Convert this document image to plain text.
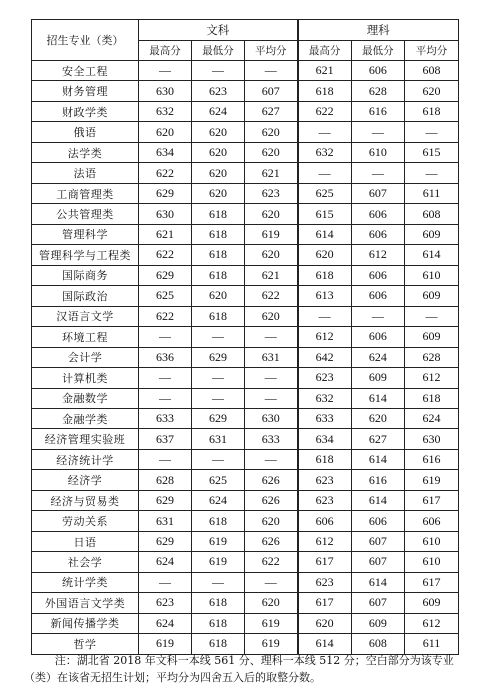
招生专业（类）	文科			理科		
	最高分	最低分	平均分	最高分	最低分	平均分
安全工程	—	—	—	621	606	608
财务管理	630	623	607	618	628	620
财政学类	632	624	627	622	616	618
俄语	620	620	620	—	—	—
法学类	634	620	620	632	610	615
法语	622	620	621	—	—	—
工商管理类	629	620	623	625	607	611
公共管理类	630	618	620	615	606	608
管理科学	621	618	619	614	606	609
管理科学与工程类	622	618	620	620	612	614
国际商务	629	618	621	618	606	610
国际政治	625	620	622	613	606	609
汉语言文学	622	618	620	—	—	—
环境工程	—	—	—	612	606	609
会计学	636	629	631	642	624	628
计算机类	—	—	—	623	609	612
金融数学	—	—	—	632	614	618
金融学类	633	629	630	633	620	624
经济管理实验班	637	631	633	634	627	630
经济统计学	—	—	—	618	614	616
经济学	628	625	626	623	616	619
经济与贸易类	629	624	626	623	614	617
劳动关系	631	618	620	606	606	606
日语	629	619	626	612	607	610
社会学	624	619	622	617	607	610
统计学类	—	—	—	623	614	617
外国语言文学类	623	618	620	617	607	609
新闻传播学类	624	618	619	620	609	612
哲学	619	618	619	614	608	611

注：湖北省 2018 年文科一本线 561 分、理科一本线 512 分；空白部分为该专业（类）在该省无招生计划；平均分为四舍五入后的取整分数。
